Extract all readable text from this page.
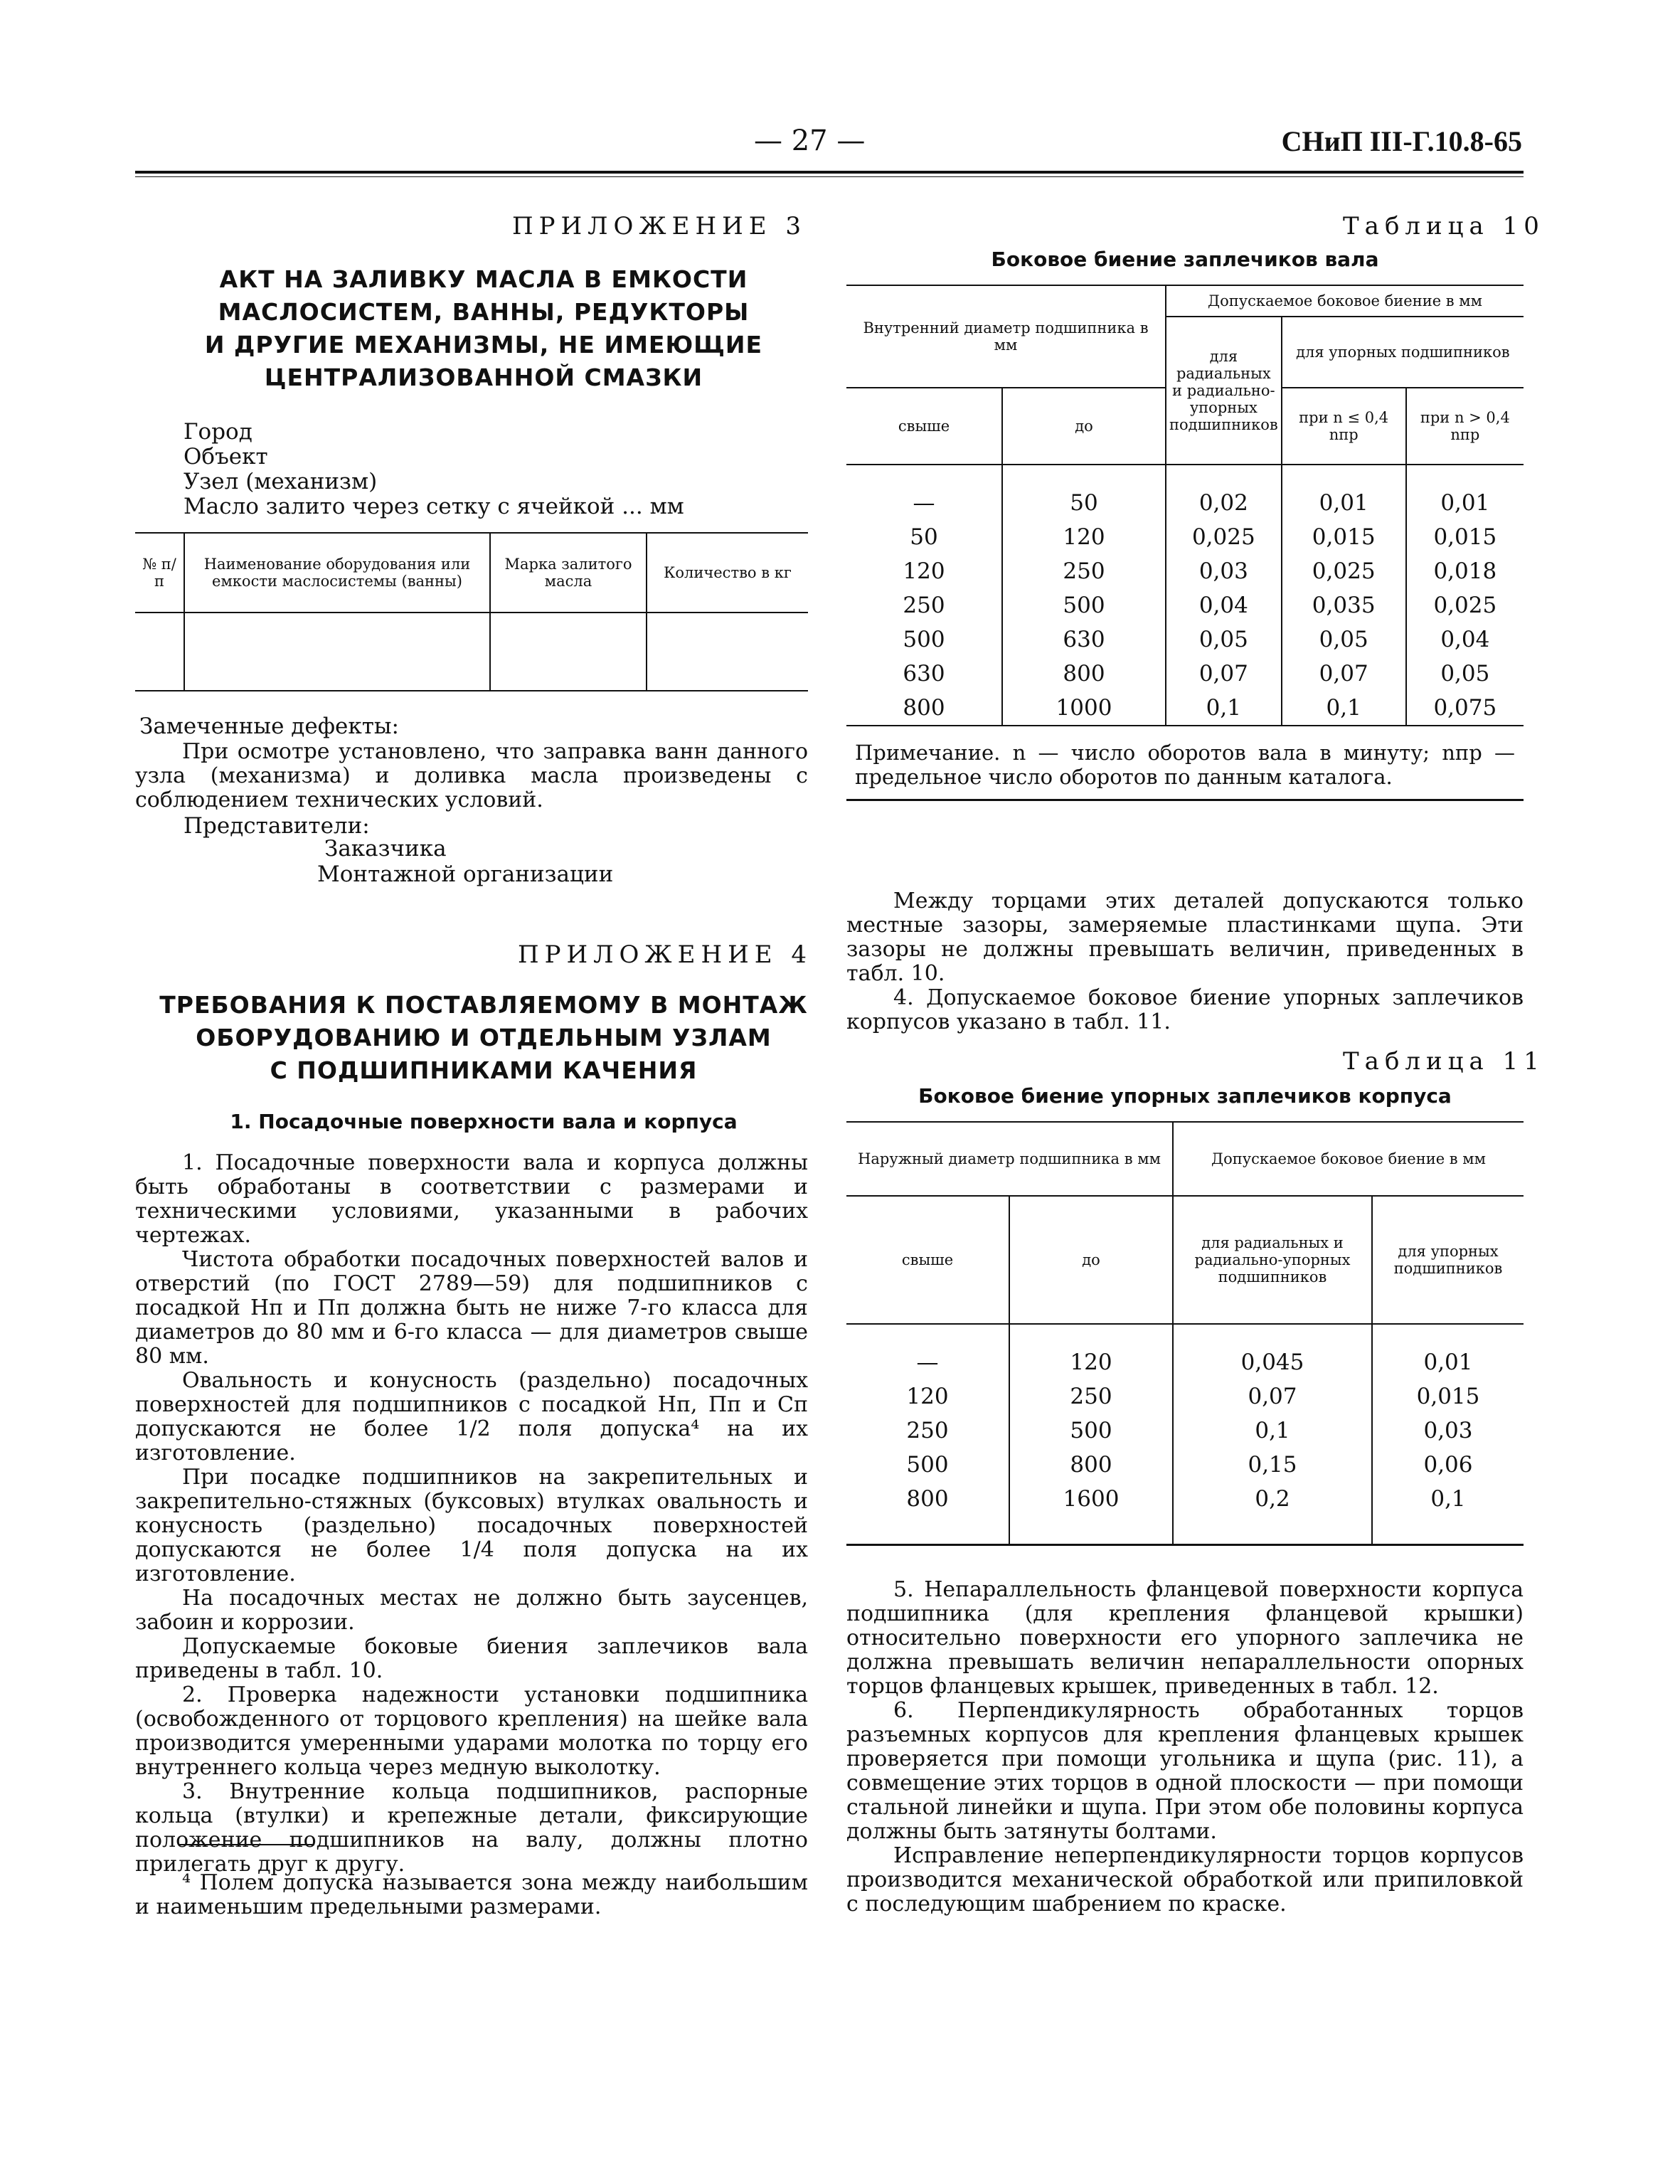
— 27 —	СНиП III-Г.10.8-65
ПРИЛОЖЕНИЕ 3
АКТ НА ЗАЛИВКУ МАСЛА В ЕМКОСТИ
МАСЛОСИСТЕМ, ВАННЫ, РЕДУКТОРЫ
И ДРУГИЕ МЕХАНИЗМЫ, НЕ ИМЕЮЩИЕ
ЦЕНТРАЛИЗОВАННОЙ СМАЗКИ
Город
Объект
Узел (механизм)
Масло залито через сетку с ячейкой ... мм
№ п/п	Наименование оборудования или емкости маслосистемы (ванны)	Марка залитого масла	Количество в кг

Замеченные дефекты:

При осмотре установлено, что заправка ванн данного узла (механизма) и доливка масла произведены с соблюдением технических условий.

Представители:
Заказчика
Монтажной организации
ПРИЛОЖЕНИЕ 4
ТРЕБОВАНИЯ К ПОСТАВЛЯЕМОМУ В МОНТАЖ
ОБОРУДОВАНИЮ И ОТДЕЛЬНЫМ УЗЛАМ
С ПОДШИПНИКАМИ КАЧЕНИЯ
1. Посадочные поверхности вала и корпуса

1. Посадочные поверхности вала и корпуса должны быть обработаны в соответствии с размерами и техническими условиями, указанными в рабочих чертежах.

Чистота обработки посадочных поверхностей валов и отверстий (по ГОСТ 2789—59) для подшипников с посадкой Нп и Пп должна быть не ниже 7-го класса для диаметров до 80 мм и 6-го класса — для диаметров свыше 80 мм.

Овальность и конусность (раздельно) посадочных поверхностей для подшипников с посадкой Нп, Пп и Сп допускаются не более 1/2 поля допуска⁴ на их изготовление.

При посадке подшипников на закрепительных и закрепительно-стяжных (буксовых) втулках овальность и конусность (раздельно) посадочных поверхностей допускаются не более 1/4 поля допуска на их изготовление.

На посадочных местах не должно быть заусенцев, забоин и коррозии.

Допускаемые боковые биения заплечиков вала приведены в табл. 10.

2. Проверка надежности установки подшипника (освобожденного от торцового крепления) на шейке вала производится умеренными ударами молотка по торцу его внутреннего кольца через медную выколотку.

3. Внутренние кольца подшипников, распорные кольца (втулки) и крепежные детали, фиксирующие положение подшипников на валу, должны плотно прилегать друг к другу.

⁴ Полем допуска называется зона между наибольшим и наименьшим предельными размерами.

Таблица 10
Боковое биение заплечиков вала
Внутренний диаметр подшипника в мм		Допускаемое боковое биение в мм		
		для радиальных и радиально-упорных подшипников	для упорных подшипников	
свыше	до		при n ≤ 0,4 nпр	при n > 0,4 nпр

—	50	0,02	0,01	0,01
50	120	0,025	0,015	0,015
120	250	0,03	0,025	0,018
250	500	0,04	0,035	0,025
500	630	0,05	0,05	0,04
630	800	0,07	0,07	0,05
800	1000	0,1	0,1	0,075
Примечание. n — число оборотов вала в минуту; nпр — предельное число оборотов по данным каталога.				

Между торцами этих деталей допускаются только местные зазоры, замеряемые пластинками щупа. Эти зазоры не должны превышать величин, приведенных в табл. 10.

4. Допускаемое боковое биение упорных заплечиков корпусов указано в табл. 11.

Таблица 11
Боковое биение упорных заплечиков корпуса
Наружный диаметр подшипника в мм		Допускаемое боковое биение в мм	
свыше	до	для радиальных и радиально-упорных подшипников	для упорных подшипников

—	120	0,045	0,01
120	250	0,07	0,015
250	500	0,1	0,03
500	800	0,15	0,06
800	1600	0,2	0,1

5. Непараллельность фланцевой поверхности корпуса подшипника (для крепления фланцевой крышки) относительно поверхности его упорного заплечика не должна превышать величин непараллельности опорных торцов фланцевых крышек, приведенных в табл. 12.

6. Перпендикулярность обработанных торцов разъемных корпусов для крепления фланцевых крышек проверяется при помощи угольника и щупа (рис. 11), а совмещение этих торцов в одной плоскости — при помощи стальной линейки и щупа. При этом обе половины корпуса должны быть затянуты болтами.

Исправление неперпендикулярности торцов корпусов производится механической обработкой или припиловкой с последующим шабрением по краске.
